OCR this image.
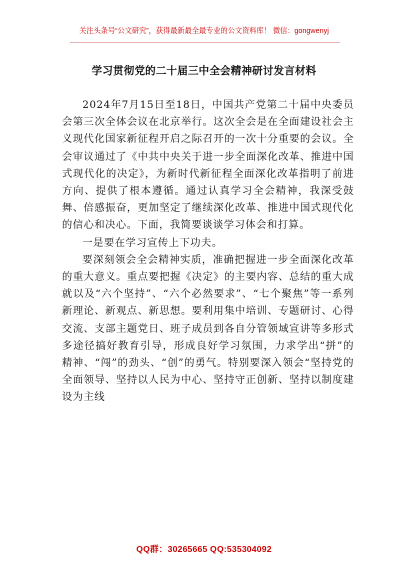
关注头条号“公文研究”，获得最新最全最专业的公文资料库！ 微信：gongwenyj
学习贯彻党的二十届三中全会精神研讨发言材料

2024年7月15日至18日，中国共产党第二十届中央委员会第三次全体会议在北京举行。这次全会是在全面建设社会主义现代化国家新征程开启之际召开的一次十分重要的会议。全会审议通过了《中共中央关于进一步全面深化改革、推进中国式现代化的决定》，为新时代新征程全面深化改革指明了前进方向、提供了根本遵循。通过认真学习全会精神，我深受鼓舞、倍感振奋，更加坚定了继续深化改革、推进中国式现代化的信心和决心。下面，我简要谈谈学习体会和打算。

一是要在学习宣传上下功夫。

要深刻领会全会精神实质，准确把握进一步全面深化改革的重大意义。重点要把握《决定》的主要内容、总结的重大成就以及“六个坚持”、“六个必然要求”、“七个聚焦”等一系列新理论、新观点、新思想。要利用集中培训、专题研讨、心得交流、支部主题党日、班子成员到各自分管领域宣讲等多形式多途径搞好教育引导，形成良好学习氛围，力求学出“拼”的精神、“闯”的劲头、“创”的勇气。特别要深入领会“坚持党的全面领导、坚持以人民为中心、坚持守正创新、坚持以制度建设为主线

QQ群：30265665 QQ:535304092
